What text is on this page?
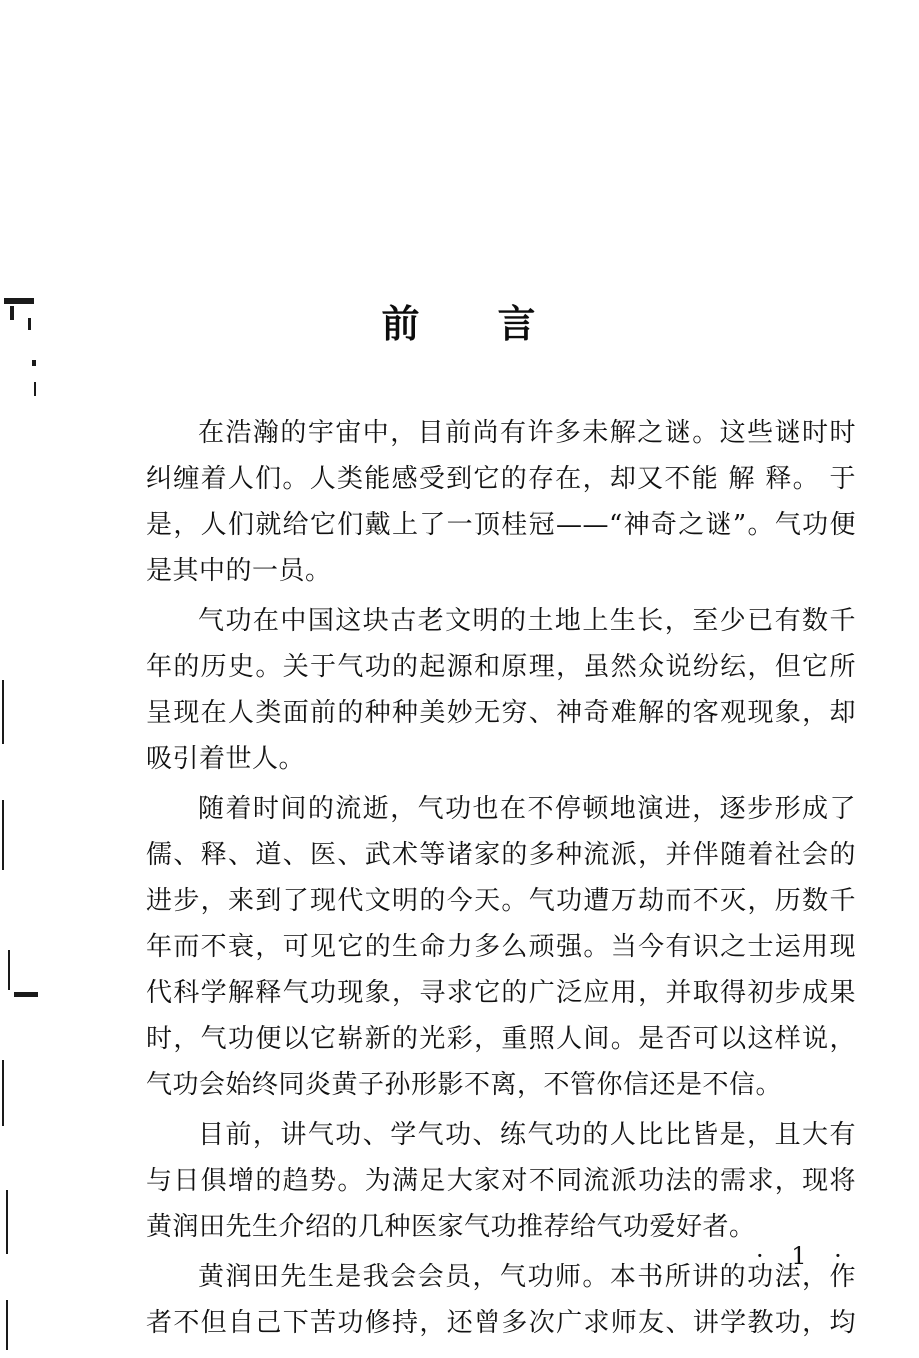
前 言
在浩瀚的宇宙中，目前尚有许多未解之谜。这些谜时时
纠缠着人们。人类能感受到它的存在，却又不能 解 释。 于
是，人们就给它们戴上了一顶桂冠——“神奇之谜”。气功便
是其中的一员。
气功在中国这块古老文明的土地上生长，至少已有数千
年的历史。关于气功的起源和原理，虽然众说纷纭，但它所
呈现在人类面前的种种美妙无穷、神奇难解的客观现象，却
吸引着世人。
随着时间的流逝，气功也在不停顿地演进，逐步形成了
儒、释、道、医、武术等诸家的多种流派，并伴随着社会的
进步，来到了现代文明的今天。气功遭万劫而不灭，历数千
年而不衰，可见它的生命力多么顽强。当今有识之士运用现
代科学解释气功现象，寻求它的广泛应用，并取得初步成果
时，气功便以它崭新的光彩，重照人间。是否可以这样说，
气功会始终同炎黄子孙形影不离，不管你信还是不信。
目前，讲气功、学气功、练气功的人比比皆是，且大有
与日俱增的趋势。为满足大家对不同流派功法的需求，现将
黄润田先生介绍的几种医家气功推荐给气功爱好者。
黄润田先生是我会会员，气功师。本书所讲的功法，作
者不但自己下苦功修持，还曾多次广求师友、讲学教功，均
· 1 ·
